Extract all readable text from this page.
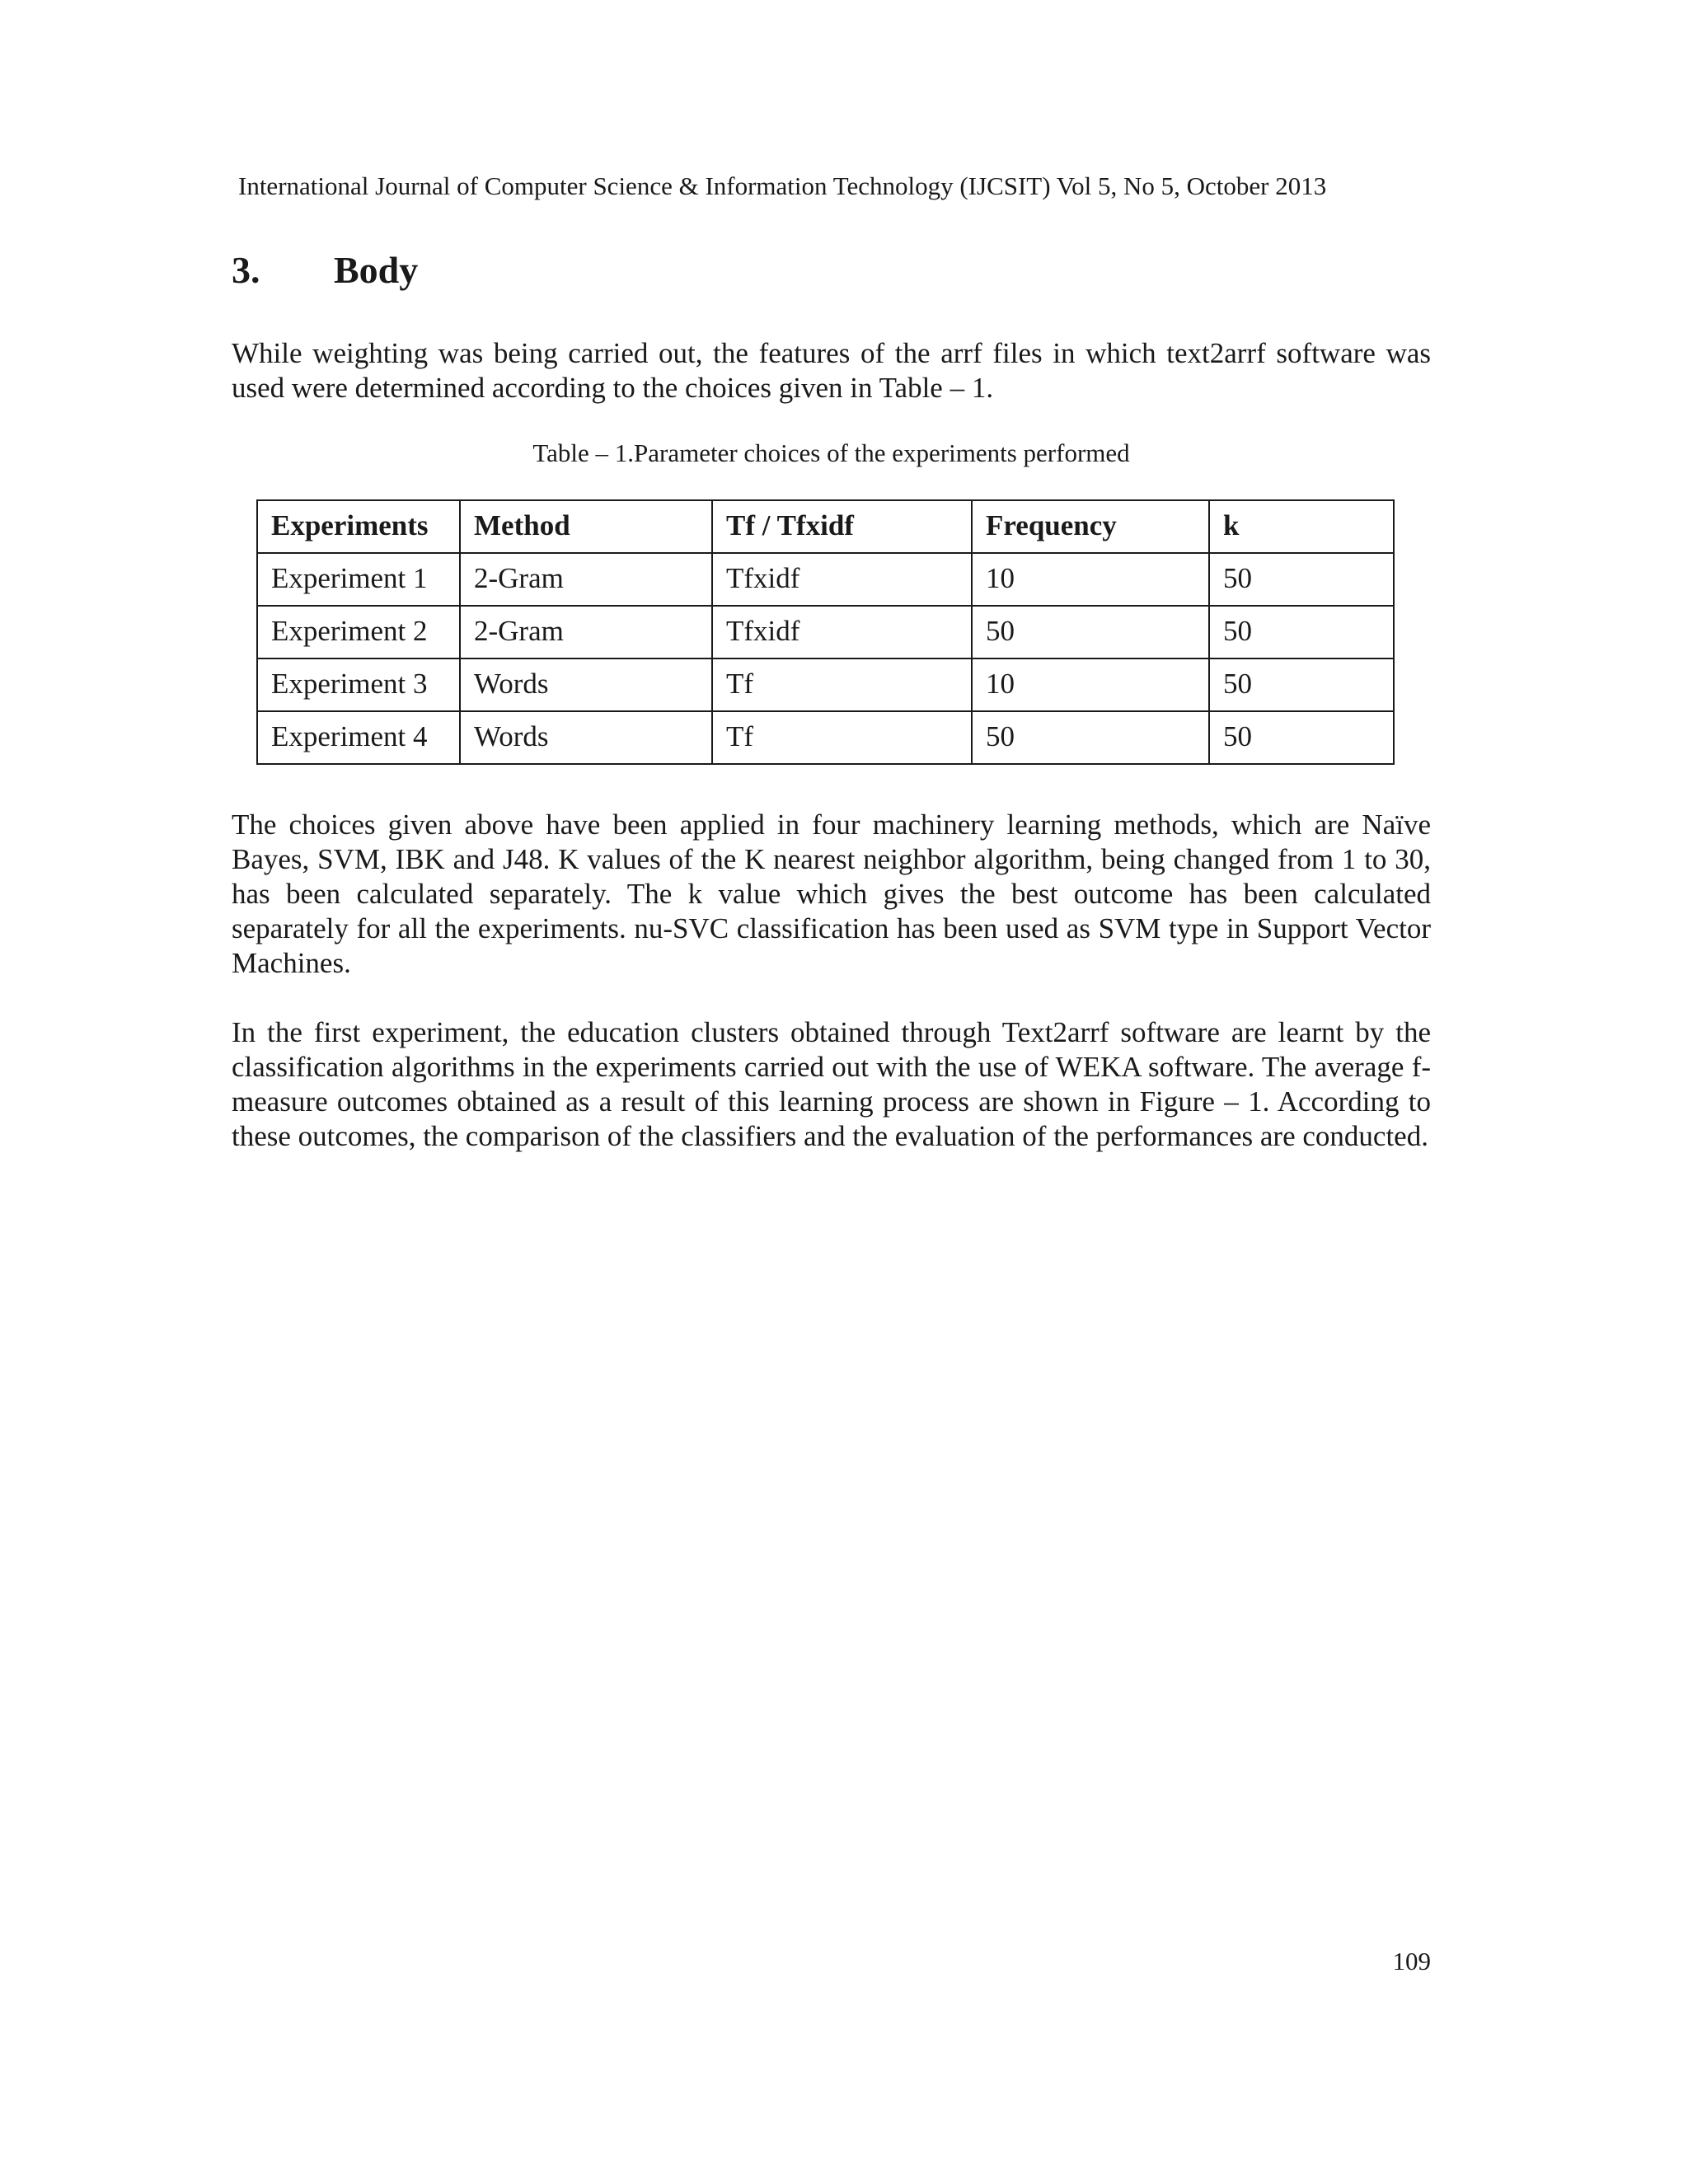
International Journal of Computer Science & Information Technology (IJCSIT) Vol 5, No 5, October 2013
3. Body

While weighting was being carried out, the features of the arrf files in which text2arrf software was used were determined according to the choices given in Table – 1.

Table – 1.Parameter choices of the experiments performed
Experiments	Method	Tf / Tfxidf	Frequency	k
Experiment 1	2-Gram	Tfxidf	10	50
Experiment 2	2-Gram	Tfxidf	50	50
Experiment 3	Words	Tf	10	50
Experiment 4	Words	Tf	50	50

The choices given above have been applied in four machinery learning methods, which are Naïve Bayes, SVM, IBK and J48. K values of the K nearest neighbor algorithm, being changed from 1 to 30, has been calculated separately. The k value which gives the best outcome has been calculated separately for all the experiments. nu-SVC classification has been used as SVM type in Support Vector Machines.

In the first experiment, the education clusters obtained through Text2arrf software are learnt by the classification algorithms in the experiments carried out with the use of WEKA software. The average f-measure outcomes obtained as a result of this learning process are shown in Figure – 1. According to these outcomes, the comparison of the classifiers and the evaluation of the performances are conducted.

109
